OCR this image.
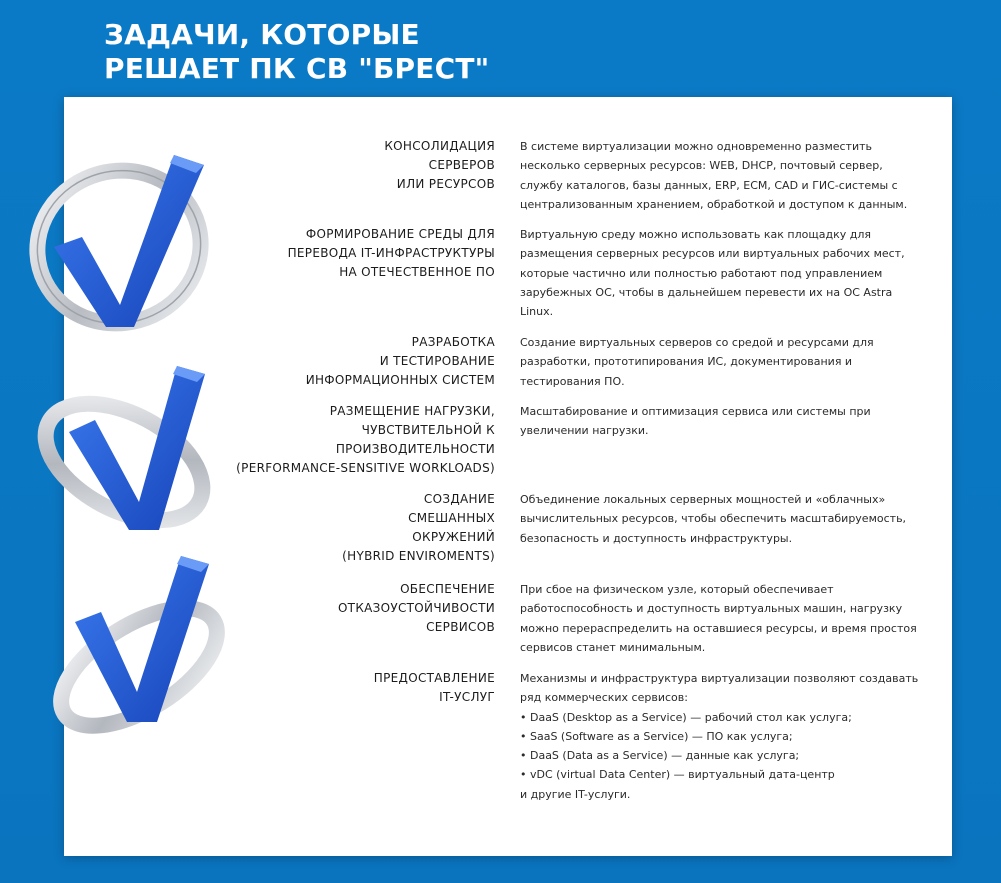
ЗАДАЧИ, КОТОРЫЕ
РЕШАЕТ ПК СВ "БРЕСТ"
КОНСОЛИДАЦИЯ
СЕРВЕРОВ
ИЛИ РЕСУРСОВ
В системе виртуализации можно одновременно разместить
несколько серверных ресурсов: WEB, DHCP, почтовый сервер,
службу каталогов, базы данных, ERP, ECM, CAD и ГИС-системы с
централизованным хранением, обработкой и доступом к данным.
ФОРМИРОВАНИЕ СРЕДЫ ДЛЯ
ПЕРЕВОДА IT-ИНФРАСТРУКТУРЫ
НА ОТЕЧЕСТВЕННОЕ ПО
Виртуальную среду можно использовать как площадку для
размещения серверных ресурсов или виртуальных рабочих мест,
которые частично или полностью работают под управлением
зарубежных ОС, чтобы в дальнейшем перевести их на ОС Astra
Linux.
РАЗРАБОТКА
И ТЕСТИРОВАНИЕ
ИНФОРМАЦИОННЫХ СИСТЕМ
Создание виртуальных серверов со средой и ресурсами для
разработки, прототипирования ИС, документирования и
тестирования ПО.
РАЗМЕЩЕНИЕ НАГРУЗКИ,
ЧУВСТВИТЕЛЬНОЙ К
ПРОИЗВОДИТЕЛЬНОСТИ
(PERFORMANCE-SENSITIVE WORKLOADS)
Масштабирование и оптимизация сервиса или системы при
увеличении нагрузки.
СОЗДАНИЕ
СМЕШАННЫХ
ОКРУЖЕНИЙ
(HYBRID ENVIROMENTS)
Объединение локальных серверных мощностей и «облачных»
вычислительных ресурсов, чтобы обеспечить масштабируемость,
безопасность и доступность инфраструктуры.
ОБЕСПЕЧЕНИЕ
ОТКАЗОУСТОЙЧИВОСТИ
СЕРВИСОВ
При сбое на физическом узле, который обеспечивает
работоспособность и доступность виртуальных машин, нагрузку
можно перераспределить на оставшиеся ресурсы, и время простоя
сервисов станет минимальным.
ПРЕДОСТАВЛЕНИЕ
IT-УСЛУГ
Механизмы и инфраструктура виртуализации позволяют создавать
ряд коммерческих сервисов:
• DaaS (Desktop as a Service) — рабочий стол как услуга;
• SaaS (Software as a Service) — ПО как услуга;
• DaaS (Data as a Service) — данные как услуга;
• vDC (virtual Data Center) — виртуальный дата-центр
и другие IT-услуги.
